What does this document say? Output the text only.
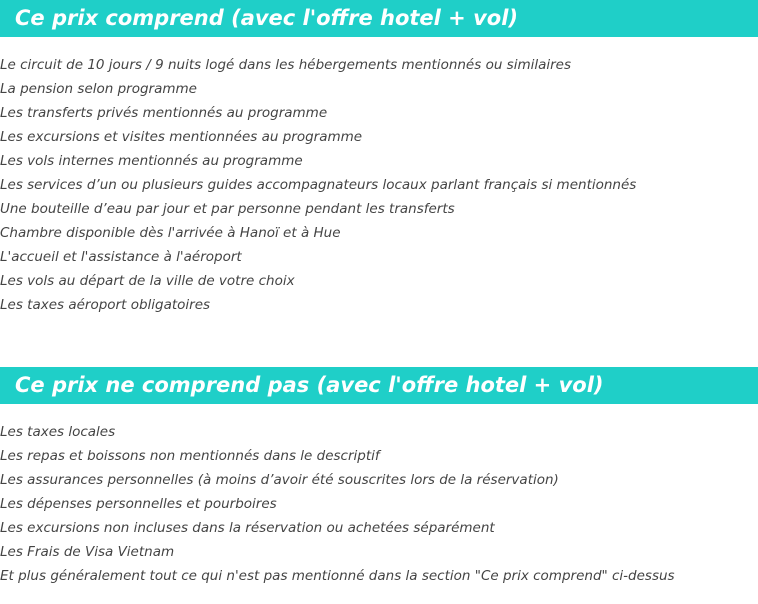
Ce prix comprend (avec l'offre hotel + vol)
Le circuit de 10 jours / 9 nuits logé dans les hébergements mentionnés ou similaires
La pension selon programme
Les transferts privés mentionnés au programme
Les excursions et visites mentionnées au programme
Les vols internes mentionnés au programme
Les services d’un ou plusieurs guides accompagnateurs locaux parlant français si mentionnés
Une bouteille d’eau par jour et par personne pendant les transferts
Chambre disponible dès l'arrivée à Hanoï et à Hue
L'accueil et l'assistance à l'aéroport
Les vols au départ de la ville de votre choix
Les taxes aéroport obligatoires
Ce prix ne comprend pas (avec l'offre hotel + vol)
Les taxes locales
Les repas et boissons non mentionnés dans le descriptif
Les assurances personnelles (à moins d’avoir été souscrites lors de la réservation)
Les dépenses personnelles et pourboires
Les excursions non incluses dans la réservation ou achetées séparément
Les Frais de Visa Vietnam
Et plus généralement tout ce qui n'est pas mentionné dans la section "Ce prix comprend" ci-dessus
